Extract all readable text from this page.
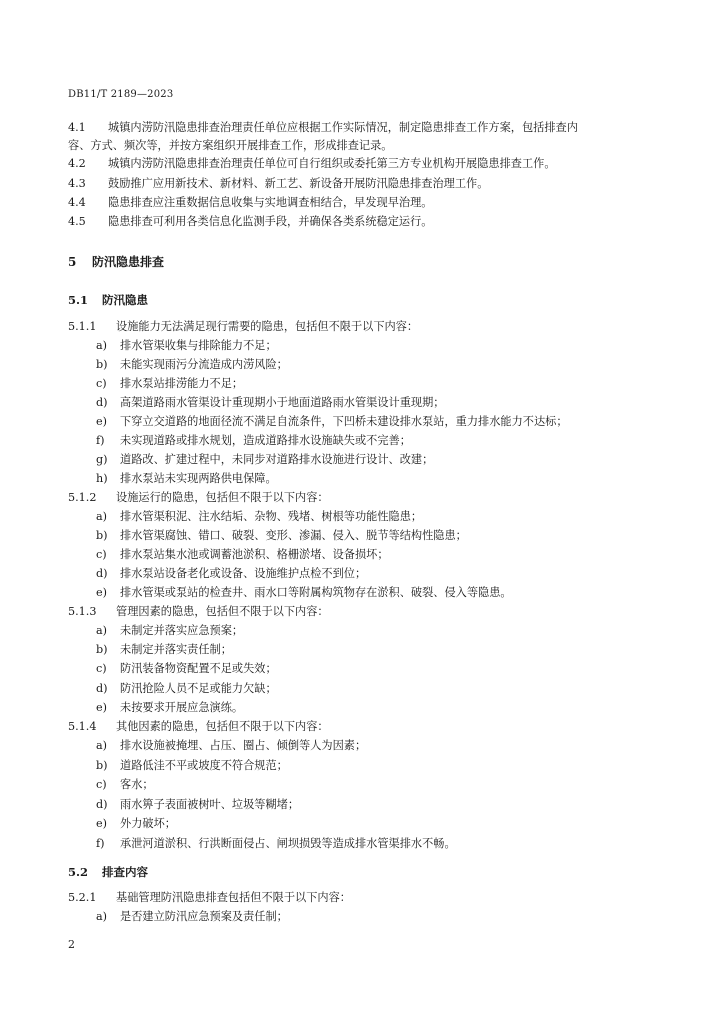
DB11/T 2189—2023
4.1 城镇内涝防汛隐患排查治理责任单位应根据工作实际情况，制定隐患排查工作方案，包括排查内
容、方式、频次等，并按方案组织开展排查工作，形成排查记录。
4.2 城镇内涝防汛隐患排查治理责任单位可自行组织或委托第三方专业机构开展隐患排查工作。
4.3 鼓励推广应用新技术、新材料、新工艺、新设备开展防汛隐患排查治理工作。
4.4 隐患排查应注重数据信息收集与实地调查相结合，早发现早治理。
4.5 隐患排查可利用各类信息化监测手段，并确保各类系统稳定运行。
5 防汛隐患排查
5.1 防汛隐患
5.1.1 设施能力无法满足现行需要的隐患，包括但不限于以下内容：
a) 排水管渠收集与排除能力不足；
b) 未能实现雨污分流造成内涝风险；
c) 排水泵站排涝能力不足；
d) 高架道路雨水管渠设计重现期小于地面道路雨水管渠设计重现期；
e) 下穿立交道路的地面径流不满足自流条件，下凹桥未建设排水泵站，重力排水能力不达标；
f) 未实现道路或排水规划，造成道路排水设施缺失或不完善；
g) 道路改、扩建过程中，未同步对道路排水设施进行设计、改建；
h) 排水泵站未实现两路供电保障。
5.1.2 设施运行的隐患，包括但不限于以下内容：
a) 排水管渠积泥、注水结垢、杂物、残堵、树根等功能性隐患；
b) 排水管渠腐蚀、错口、破裂、变形、渗漏、侵入、脱节等结构性隐患；
c) 排水泵站集水池或调蓄池淤积、格栅淤堵、设备损坏；
d) 排水泵站设备老化或设备、设施维护点检不到位；
e) 排水管渠或泵站的检查井、雨水口等附属构筑物存在淤积、破裂、侵入等隐患。
5.1.3 管理因素的隐患，包括但不限于以下内容：
a) 未制定并落实应急预案；
b) 未制定并落实责任制；
c) 防汛装备物资配置不足或失效；
d) 防汛抢险人员不足或能力欠缺；
e) 未按要求开展应急演练。
5.1.4 其他因素的隐患，包括但不限于以下内容：
a) 排水设施被掩埋、占压、圈占、倾倒等人为因素；
b) 道路低洼不平或坡度不符合规范；
c) 客水；
d) 雨水箅子表面被树叶、垃圾等糊堵；
e) 外力破坏；
f) 承泄河道淤积、行洪断面侵占、闸坝损毁等造成排水管渠排水不畅。
5.2 排查内容
5.2.1 基础管理防汛隐患排查包括但不限于以下内容：
a) 是否建立防汛应急预案及责任制；
2
